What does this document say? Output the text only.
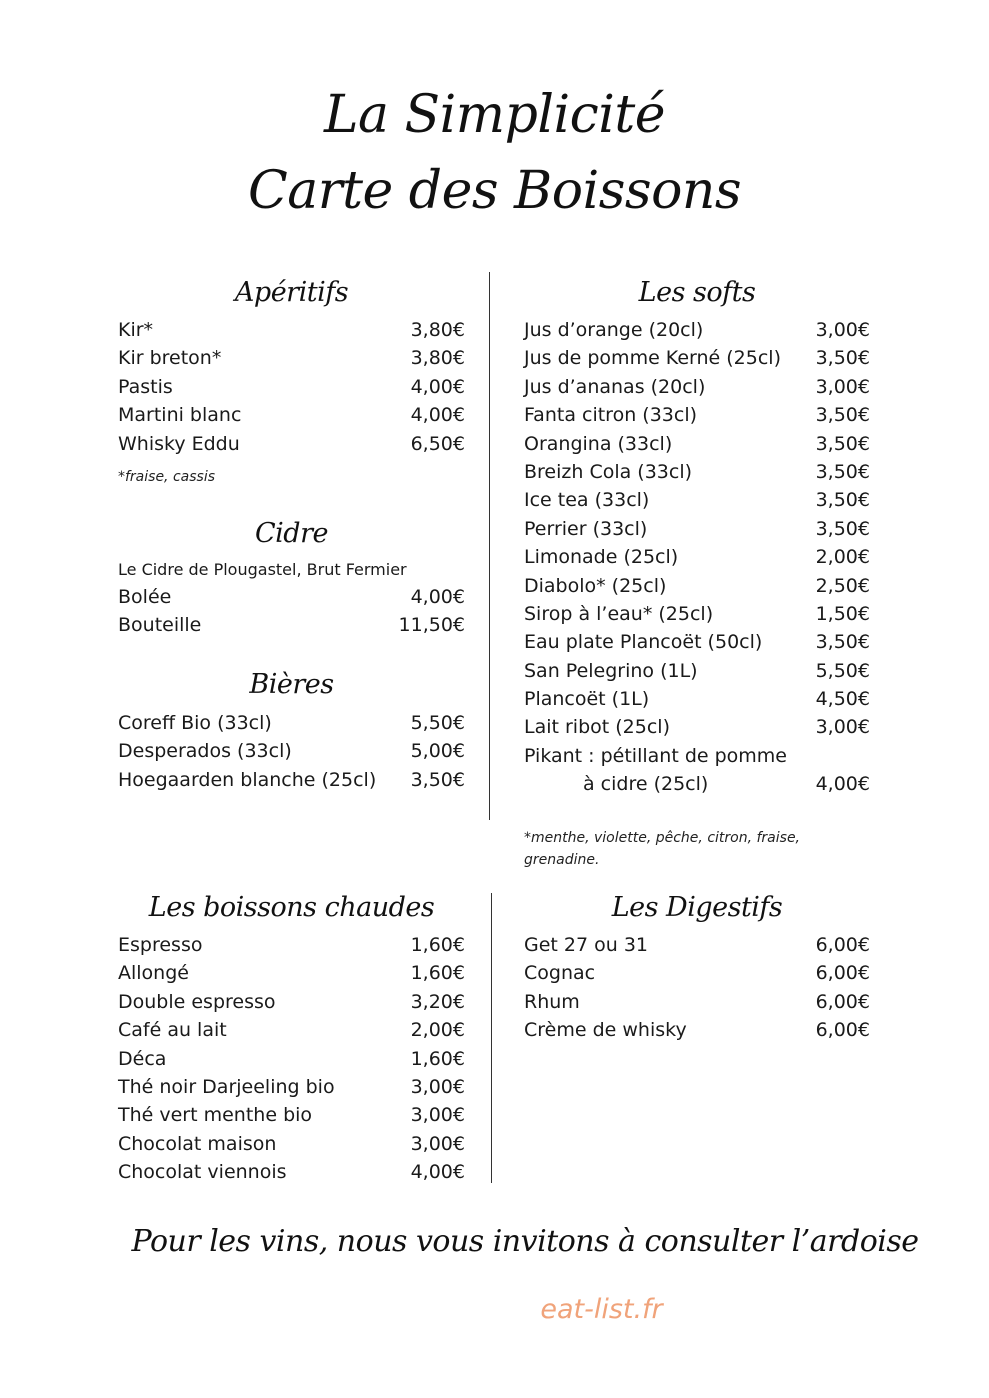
La Simplicité
Carte des Boissons
Apéritifs
Kir*	3,80€
Kir breton*	3,80€
Pastis	4,00€
Martini blanc	4,00€
Whisky Eddu	6,50€
*fraise, cassis
Cidre
Le Cidre de Plougastel, Brut Fermier
Bolée	4,00€
Bouteille	11,50€
Bières
Coreff Bio (33cl)	5,50€
Desperados (33cl)	5,00€
Hoegaarden blanche (25cl) 3,50€
Les softs
Jus d’orange (20cl)	3,00€
Jus de pomme Kerné (25cl) 3,50€
Jus d’ananas (20cl)	3,00€
Fanta citron (33cl)	3,50€
Orangina (33cl)	3,50€
Breizh Cola (33cl)	3,50€
Ice tea (33cl)	3,50€
Perrier (33cl)	3,50€
Limonade (25cl)	2,00€
Diabolo* (25cl)	2,50€
Sirop à l’eau* (25cl)	1,50€
Eau plate Plancoët (50cl)	3,50€
San Pelegrino (1L)	5,50€
Plancoët (1L)	4,50€
Lait ribot (25cl)	3,00€
Pikant : pétillant de pomme
à cidre (25cl)	4,00€
*menthe, violette, pêche, citron, fraise,
grenadine.
Les boissons chaudes
Espresso	1,60€
Allongé	1,60€
Double espresso	3,20€
Café au lait	2,00€
Déca	1,60€
Thé noir Darjeeling bio	3,00€
Thé vert menthe bio	3,00€
Chocolat maison	3,00€
Chocolat viennois	4,00€
Les Digestifs
Get 27 ou 31	6,00€
Cognac	6,00€
Rhum	6,00€
Crème de whisky	6,00€
Pour les vins, nous vous invitons à consulter l’ardoise
eat-list.fr
